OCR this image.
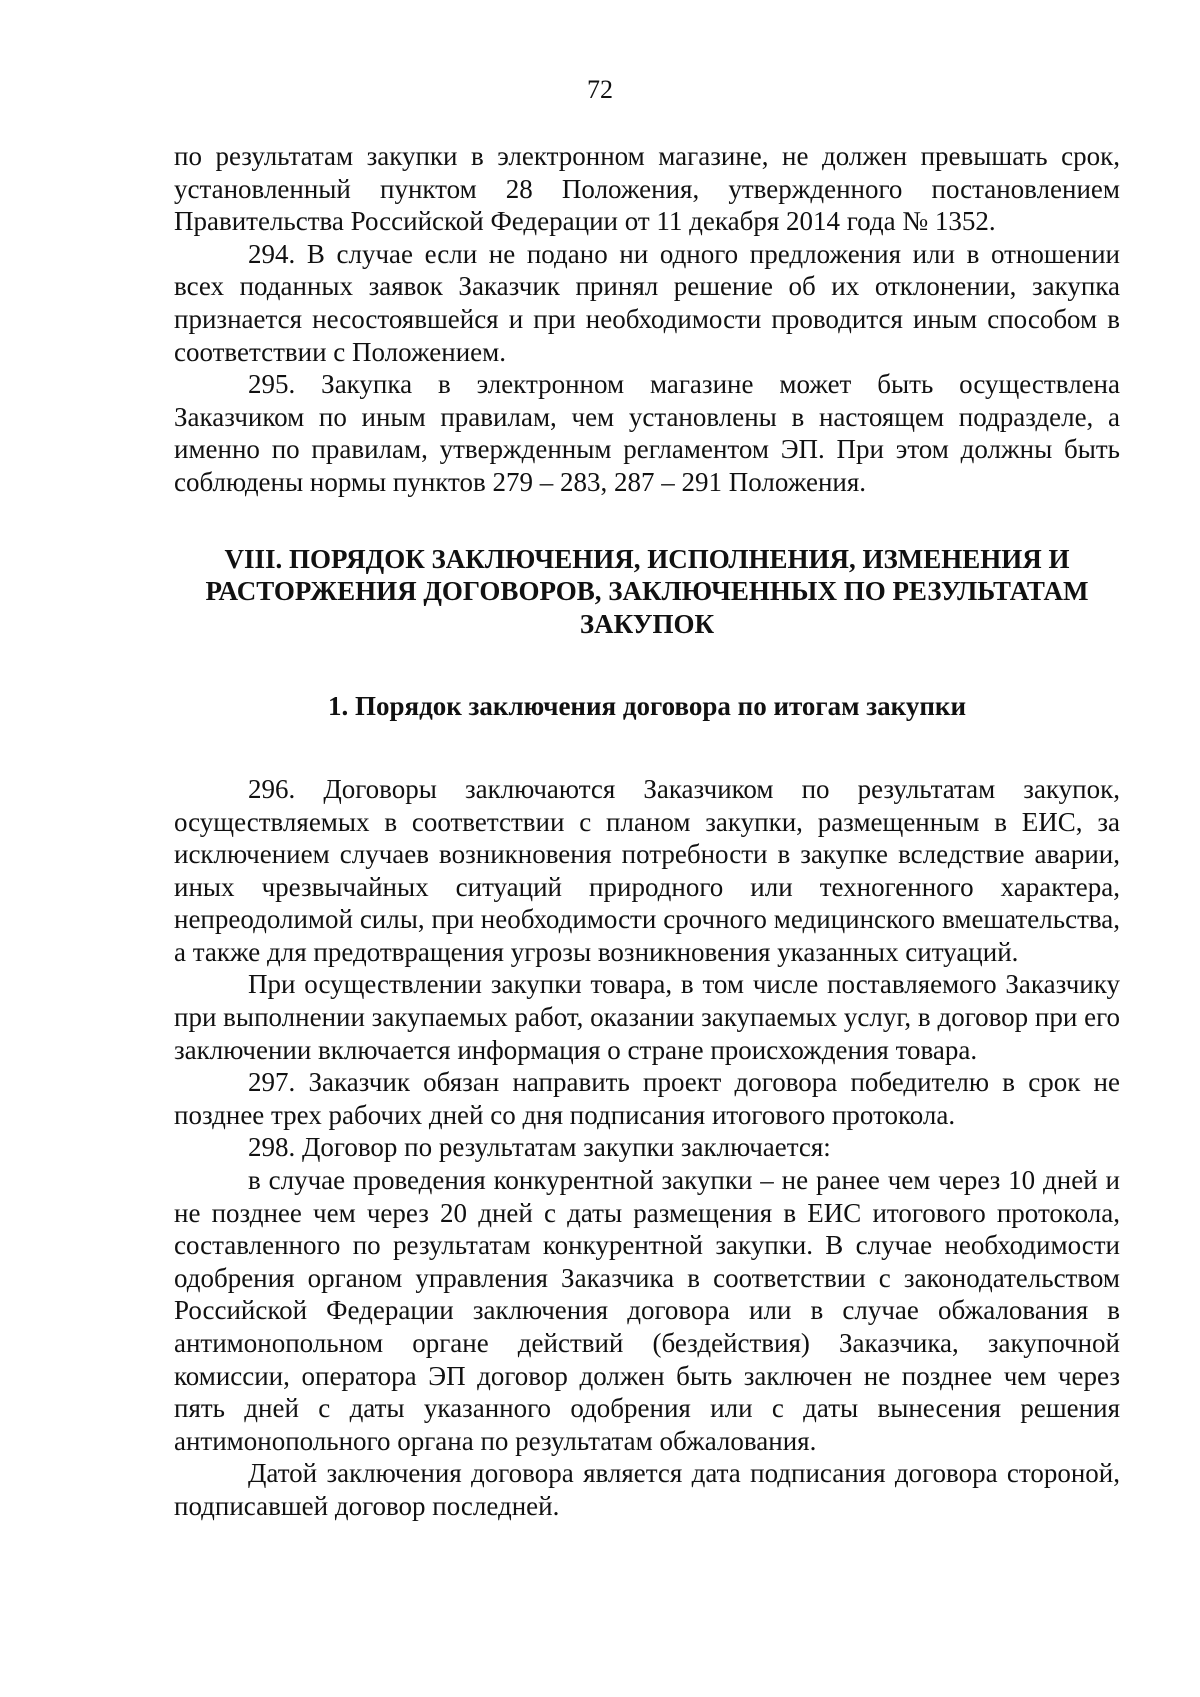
72

по результатам закупки в электронном магазине, не должен превышать срок, установленный пунктом 28 Положения, утвержденного постановлением Правительства Российской Федерации от 11 декабря 2014 года № 1352.

294. В случае если не подано ни одного предложения или в отношении всех поданных заявок Заказчик принял решение об их отклонении, закупка признается несостоявшейся и при необходимости проводится иным способом в соответствии с Положением.

295. Закупка в электронном магазине может быть осуществлена Заказчиком по иным правилам, чем установлены в настоящем подразделе, а именно по правилам, утвержденным регламентом ЭП. При этом должны быть соблюдены нормы пунктов 279 – 283, 287 – 291 Положения.

VIII. ПОРЯДОК ЗАКЛЮЧЕНИЯ, ИСПОЛНЕНИЯ, ИЗМЕНЕНИЯ И РАСТОРЖЕНИЯ ДОГОВОРОВ, ЗАКЛЮЧЕННЫХ ПО РЕЗУЛЬТАТАМ ЗАКУПОК
1. Порядок заключения договора по итогам закупки

296. Договоры заключаются Заказчиком по результатам закупок, осуществляемых в соответствии с планом закупки, размещенным в ЕИС, за исключением случаев возникновения потребности в закупке вследствие аварии, иных чрезвычайных ситуаций природного или техногенного характера, непреодолимой силы, при необходимости срочного медицинского вмешательства, а также для предотвращения угрозы возникновения указанных ситуаций.

При осуществлении закупки товара, в том числе поставляемого Заказчику при выполнении закупаемых работ, оказании закупаемых услуг, в договор при его заключении включается информация о стране происхождения товара.

297. Заказчик обязан направить проект договора победителю в срок не позднее трех рабочих дней со дня подписания итогового протокола.

298. Договор по результатам закупки заключается:

в случае проведения конкурентной закупки – не ранее чем через 10 дней и не позднее чем через 20 дней с даты размещения в ЕИС итогового протокола, составленного по результатам конкурентной закупки. В случае необходимости одобрения органом управления Заказчика в соответствии с законодательством Российской Федерации заключения договора или в случае обжалования в антимонопольном органе действий (бездействия) Заказчика, закупочной комиссии, оператора ЭП договор должен быть заключен не позднее чем через пять дней с даты указанного одобрения или с даты вынесения решения антимонопольного органа по результатам обжалования.

Датой заключения договора является дата подписания договора стороной, подписавшей договор последней.
